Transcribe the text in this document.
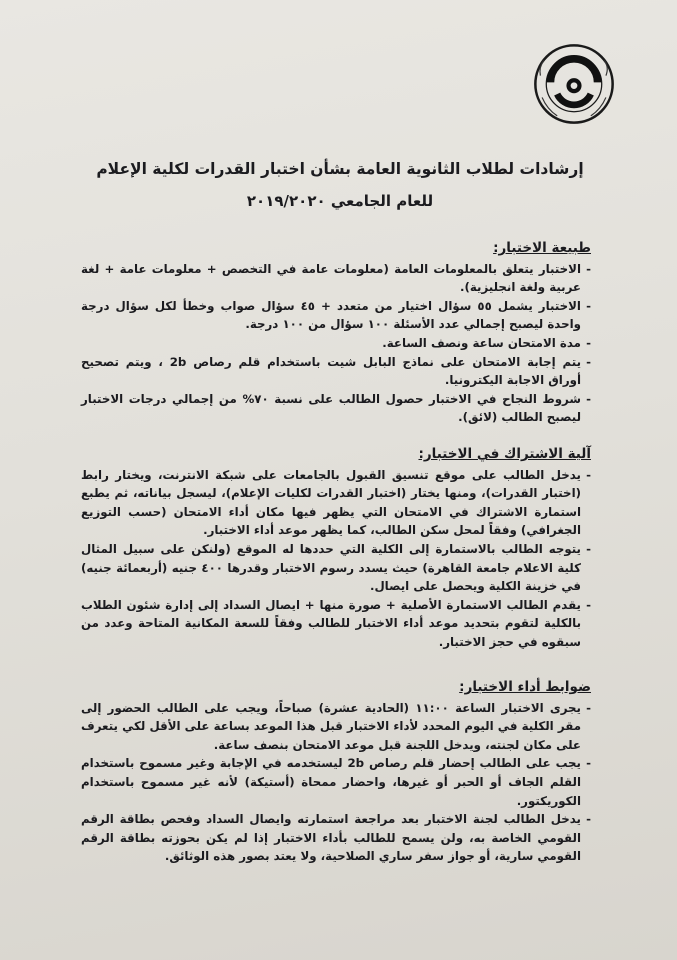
إرشادات لطلاب الثانوية العامة بشأن اختبار القدرات لكلية الإعلام

للعام الجامعي ٢٠١٩/٢٠٢٠

طبيعة الاختبار:
- الاختبار يتعلق بالمعلومات العامة (معلومات عامة في التخصص + معلومات عامة + لغة عربية ولغة انجليزية).
- الاختبار يشمل ٥٥ سؤال اختيار من متعدد + ٤٥ سؤال صواب وخطأ لكل سؤال درجة واحدة ليصبح إجمالي عدد الأسئلة ١٠٠ سؤال من ١٠٠ درجة.
- مدة الامتحان ساعة ونصف الساعة.
- يتم إجابة الامتحان على نماذج البابل شيت باستخدام قلم رصاص 2b ، ويتم تصحيح أوراق الاجابة اليكترونيا.
- شروط النجاح في الاختبار حصول الطالب على نسبة ٧٠% من إجمالي درجات الاختبار ليصبح الطالب (لائق).
آلية الاشتراك في الاختبار:
- يدخل الطالب على موقع تنسيق القبول بالجامعات على شبكة الانترنت، ويختار رابط (اختبار القدرات)، ومنها يختار (اختبار القدرات لكليات الإعلام)، ليسجل بياناته، ثم يطبع استمارة الاشتراك في الامتحان التي يظهر فيها مكان أداء الامتحان (حسب التوزيع الجغرافي) وفقاً لمحل سكن الطالب، كما يظهر موعد أداء الاختبار.
- يتوجه الطالب بالاستمارة إلى الكلية التي حددها له الموقع (ولنكن على سبيل المثال كلية الاعلام جامعة القاهرة) حيث يسدد رسوم الاختبار وقدرها ٤٠٠ جنيه (أربعمائة جنيه) في خزينة الكلية ويحصل على ايصال.
- يقدم الطالب الاستمارة الأصلية + صورة منها + ايصال السداد إلى إدارة شئون الطلاب بالكلية لتقوم بتحديد موعد أداء الاختبار للطالب وفقاً للسعة المكانية المتاحة وعدد من سبقوه في حجز الاختبار.
ضوابط أداء الاختبار:
- يجرى الاختبار الساعة ١١:٠٠ (الحادية عشرة) صباحاً، ويجب على الطالب الحضور إلى مقر الكلية في اليوم المحدد لأداء الاختبار قبل هذا الموعد بساعة على الأقل لكي يتعرف على مكان لجنته، ويدخل اللجنة قبل موعد الامتحان بنصف ساعة.
- يجب على الطالب إحضار قلم رصاص 2b ليستخدمه في الإجابة وغير مسموح باستخدام القلم الجاف أو الحبر أو غيرها، واحضار ممحاة (أستيكة) لأنه غير مسموح باستخدام الكوريكتور.
- يدخل الطالب لجنة الاختبار بعد مراجعة استمارته وايصال السداد وفحص بطاقة الرقم القومي الخاصة به، ولن يسمح للطالب بأداء الاختبار إذا لم يكن بحوزته بطاقة الرقم القومي سارية، أو جواز سفر ساري الصلاحية، ولا يعتد بصور هذه الوثائق.
